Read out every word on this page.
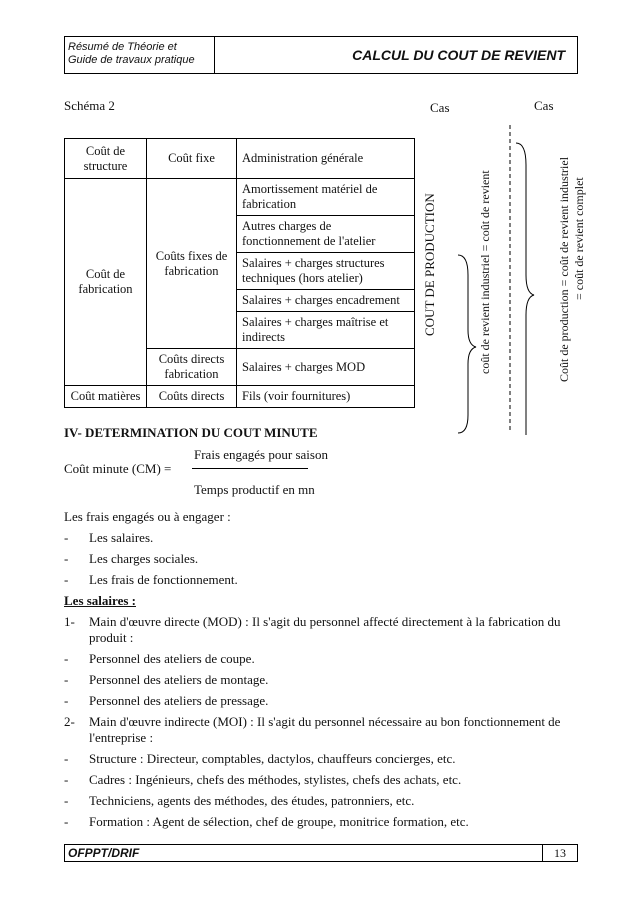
Résumé de Théorie et
Guide de travaux pratique	CALCUL DU COUT DE REVIENT
Schéma 2	Cas	Cas
Coût de structure	Coût fixe	Administration générale
Coût de fabrication	Coûts fixes de fabrication	Amortissement matériel de fabrication
		Autres charges de fonctionnement de l'atelier
		Salaires + charges structures techniques (hors atelier)
		Salaires + charges encadrement
		Salaires + charges maîtrise et indirects
	Coûts directs fabrication	Salaires + charges MOD
Coût matières	Coûts directs	Fils (voir fournitures)
COUT DE PRODUCTION	coût de revient industriel = coût de revient	Coût de production = coût de revient industriel = coût de revient complet
IV- DETERMINATION DU COUT MINUTE
Frais engagés pour saison
Coût minute (CM) =
Temps productif en mn
Les frais engagés ou à engager :
- Les salaires.
- Les charges sociales.
- Les frais de fonctionnement.
Les salaires :
1- Main d'œuvre directe (MOD) : Il s'agit du personnel affecté directement à la fabrication du
produit :
- Personnel des ateliers de coupe.
- Personnel des ateliers de montage.
- Personnel des ateliers de pressage.
2- Main d'œuvre indirecte (MOI) : Il s'agit du personnel nécessaire au bon fonctionnement de
l'entreprise :
- Structure : Directeur, comptables, dactylos, chauffeurs concierges, etc.
- Cadres : Ingénieurs, chefs des méthodes, stylistes, chefs des achats, etc.
- Techniciens, agents des méthodes, des études, patronniers, etc.
- Formation : Agent de sélection, chef de groupe, monitrice formation, etc.
OFPPT/DRIF	13
